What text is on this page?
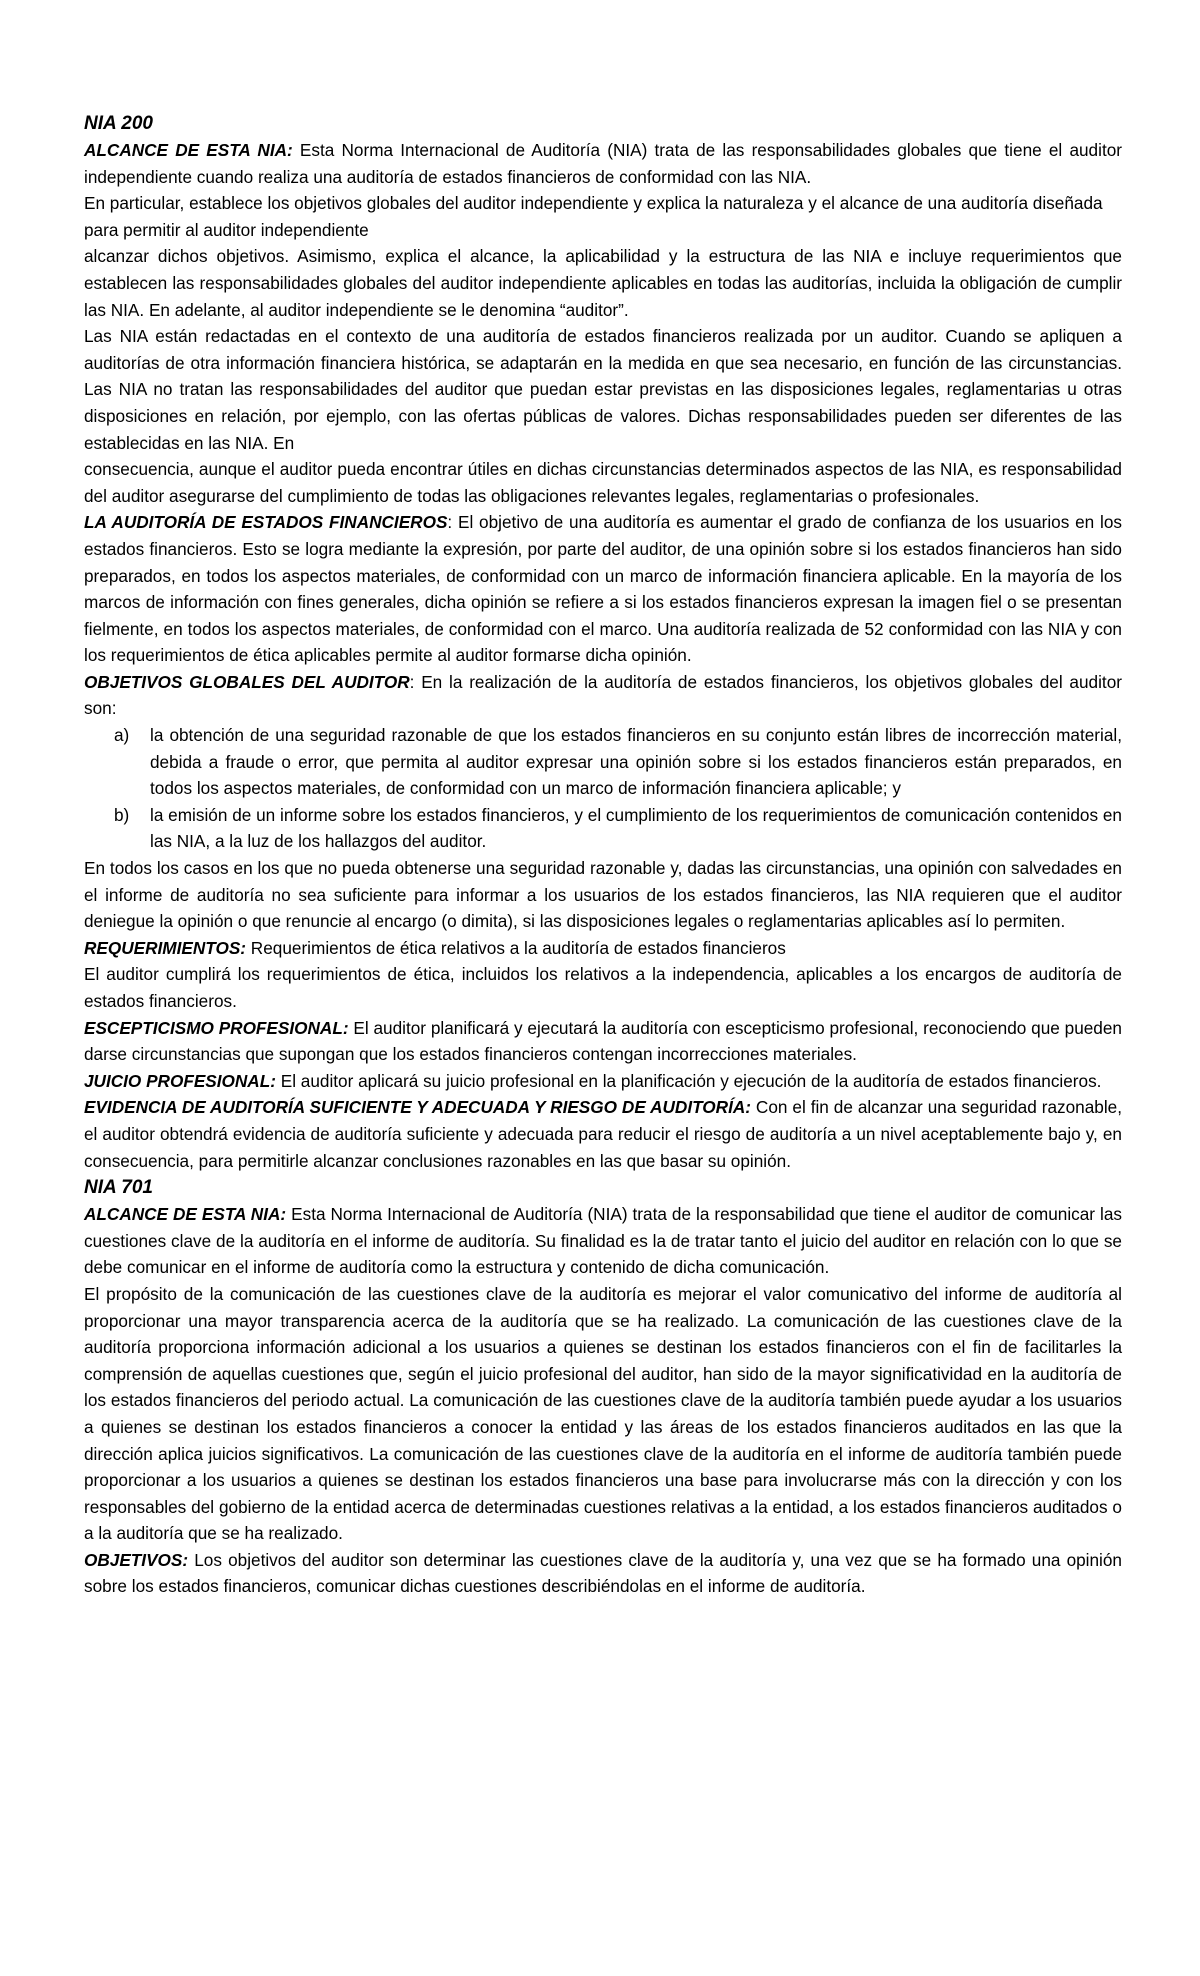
NIA 200

ALCANCE DE ESTA NIA: Esta Norma Internacional de Auditoría (NIA) trata de las responsabilidades globales que tiene el auditor independiente cuando realiza una auditoría de estados financieros de conformidad con las NIA.

En particular, establece los objetivos globales del auditor independiente y explica la naturaleza y el alcance de una auditoría diseñada para permitir al auditor independiente

alcanzar dichos objetivos. Asimismo, explica el alcance, la aplicabilidad y la estructura de las NIA e incluye requerimientos que establecen las responsabilidades globales del auditor independiente aplicables en todas las auditorías, incluida la obligación de cumplir las NIA. En adelante, al auditor independiente se le denomina “auditor”.

Las NIA están redactadas en el contexto de una auditoría de estados financieros realizada por un auditor. Cuando se apliquen a auditorías de otra información financiera histórica, se adaptarán en la medida en que sea necesario, en función de las circunstancias. Las NIA no tratan las responsabilidades del auditor que puedan estar previstas en las disposiciones legales, reglamentarias u otras disposiciones en relación, por ejemplo, con las ofertas públicas de valores. Dichas responsabilidades pueden ser diferentes de las establecidas en las NIA. En

consecuencia, aunque el auditor pueda encontrar útiles en dichas circunstancias determinados aspectos de las NIA, es responsabilidad del auditor asegurarse del cumplimiento de todas las obligaciones relevantes legales, reglamentarias o profesionales.

LA AUDITORÍA DE ESTADOS FINANCIEROS: El objetivo de una auditoría es aumentar el grado de confianza de los usuarios en los estados financieros. Esto se logra mediante la expresión, por parte del auditor, de una opinión sobre si los estados financieros han sido preparados, en todos los aspectos materiales, de conformidad con un marco de información financiera aplicable. En la mayoría de los marcos de información con fines generales, dicha opinión se refiere a si los estados financieros expresan la imagen fiel o se presentan fielmente, en todos los aspectos materiales, de conformidad con el marco. Una auditoría realizada de 52 conformidad con las NIA y con los requerimientos de ética aplicables permite al auditor formarse dicha opinión.

OBJETIVOS GLOBALES DEL AUDITOR: En la realización de la auditoría de estados financieros, los objetivos globales del auditor son:

a) la obtención de una seguridad razonable de que los estados financieros en su conjunto están libres de incorrección material, debida a fraude o error, que permita al auditor expresar una opinión sobre si los estados financieros están preparados, en todos los aspectos materiales, de conformidad con un marco de información financiera aplicable; y
b) la emisión de un informe sobre los estados financieros, y el cumplimiento de los requerimientos de comunicación contenidos en las NIA, a la luz de los hallazgos del auditor.

En todos los casos en los que no pueda obtenerse una seguridad razonable y, dadas las circunstancias, una opinión con salvedades en el informe de auditoría no sea suficiente para informar a los usuarios de los estados financieros, las NIA requieren que el auditor deniegue la opinión o que renuncie al encargo (o dimita), si las disposiciones legales o reglamentarias aplicables así lo permiten.

REQUERIMIENTOS: Requerimientos de ética relativos a la auditoría de estados financieros

El auditor cumplirá los requerimientos de ética, incluidos los relativos a la independencia, aplicables a los encargos de auditoría de estados financieros.

ESCEPTICISMO PROFESIONAL: El auditor planificará y ejecutará la auditoría con escepticismo profesional, reconociendo que pueden darse circunstancias que supongan que los estados financieros contengan incorrecciones materiales.

JUICIO PROFESIONAL: El auditor aplicará su juicio profesional en la planificación y ejecución de la auditoría de estados financieros.

EVIDENCIA DE AUDITORÍA SUFICIENTE Y ADECUADA Y RIESGO DE AUDITORÍA: Con el fin de alcanzar una seguridad razonable, el auditor obtendrá evidencia de auditoría suficiente y adecuada para reducir el riesgo de auditoría a un nivel aceptablemente bajo y, en consecuencia, para permitirle alcanzar conclusiones razonables en las que basar su opinión.

NIA 701

ALCANCE DE ESTA NIA: Esta Norma Internacional de Auditoría (NIA) trata de la responsabilidad que tiene el auditor de comunicar las cuestiones clave de la auditoría en el informe de auditoría. Su finalidad es la de tratar tanto el juicio del auditor en relación con lo que se debe comunicar en el informe de auditoría como la estructura y contenido de dicha comunicación.

El propósito de la comunicación de las cuestiones clave de la auditoría es mejorar el valor comunicativo del informe de auditoría al proporcionar una mayor transparencia acerca de la auditoría que se ha realizado. La comunicación de las cuestiones clave de la auditoría proporciona información adicional a los usuarios a quienes se destinan los estados financieros con el fin de facilitarles la comprensión de aquellas cuestiones que, según el juicio profesional del auditor, han sido de la mayor significatividad en la auditoría de los estados financieros del periodo actual. La comunicación de las cuestiones clave de la auditoría también puede ayudar a los usuarios a quienes se destinan los estados financieros a conocer la entidad y las áreas de los estados financieros auditados en las que la dirección aplica juicios significativos. La comunicación de las cuestiones clave de la auditoría en el informe de auditoría también puede proporcionar a los usuarios a quienes se destinan los estados financieros una base para involucrarse más con la dirección y con los responsables del gobierno de la entidad acerca de determinadas cuestiones relativas a la entidad, a los estados financieros auditados o a la auditoría que se ha realizado.

OBJETIVOS: Los objetivos del auditor son determinar las cuestiones clave de la auditoría y, una vez que se ha formado una opinión sobre los estados financieros, comunicar dichas cuestiones describiéndolas en el informe de auditoría.
